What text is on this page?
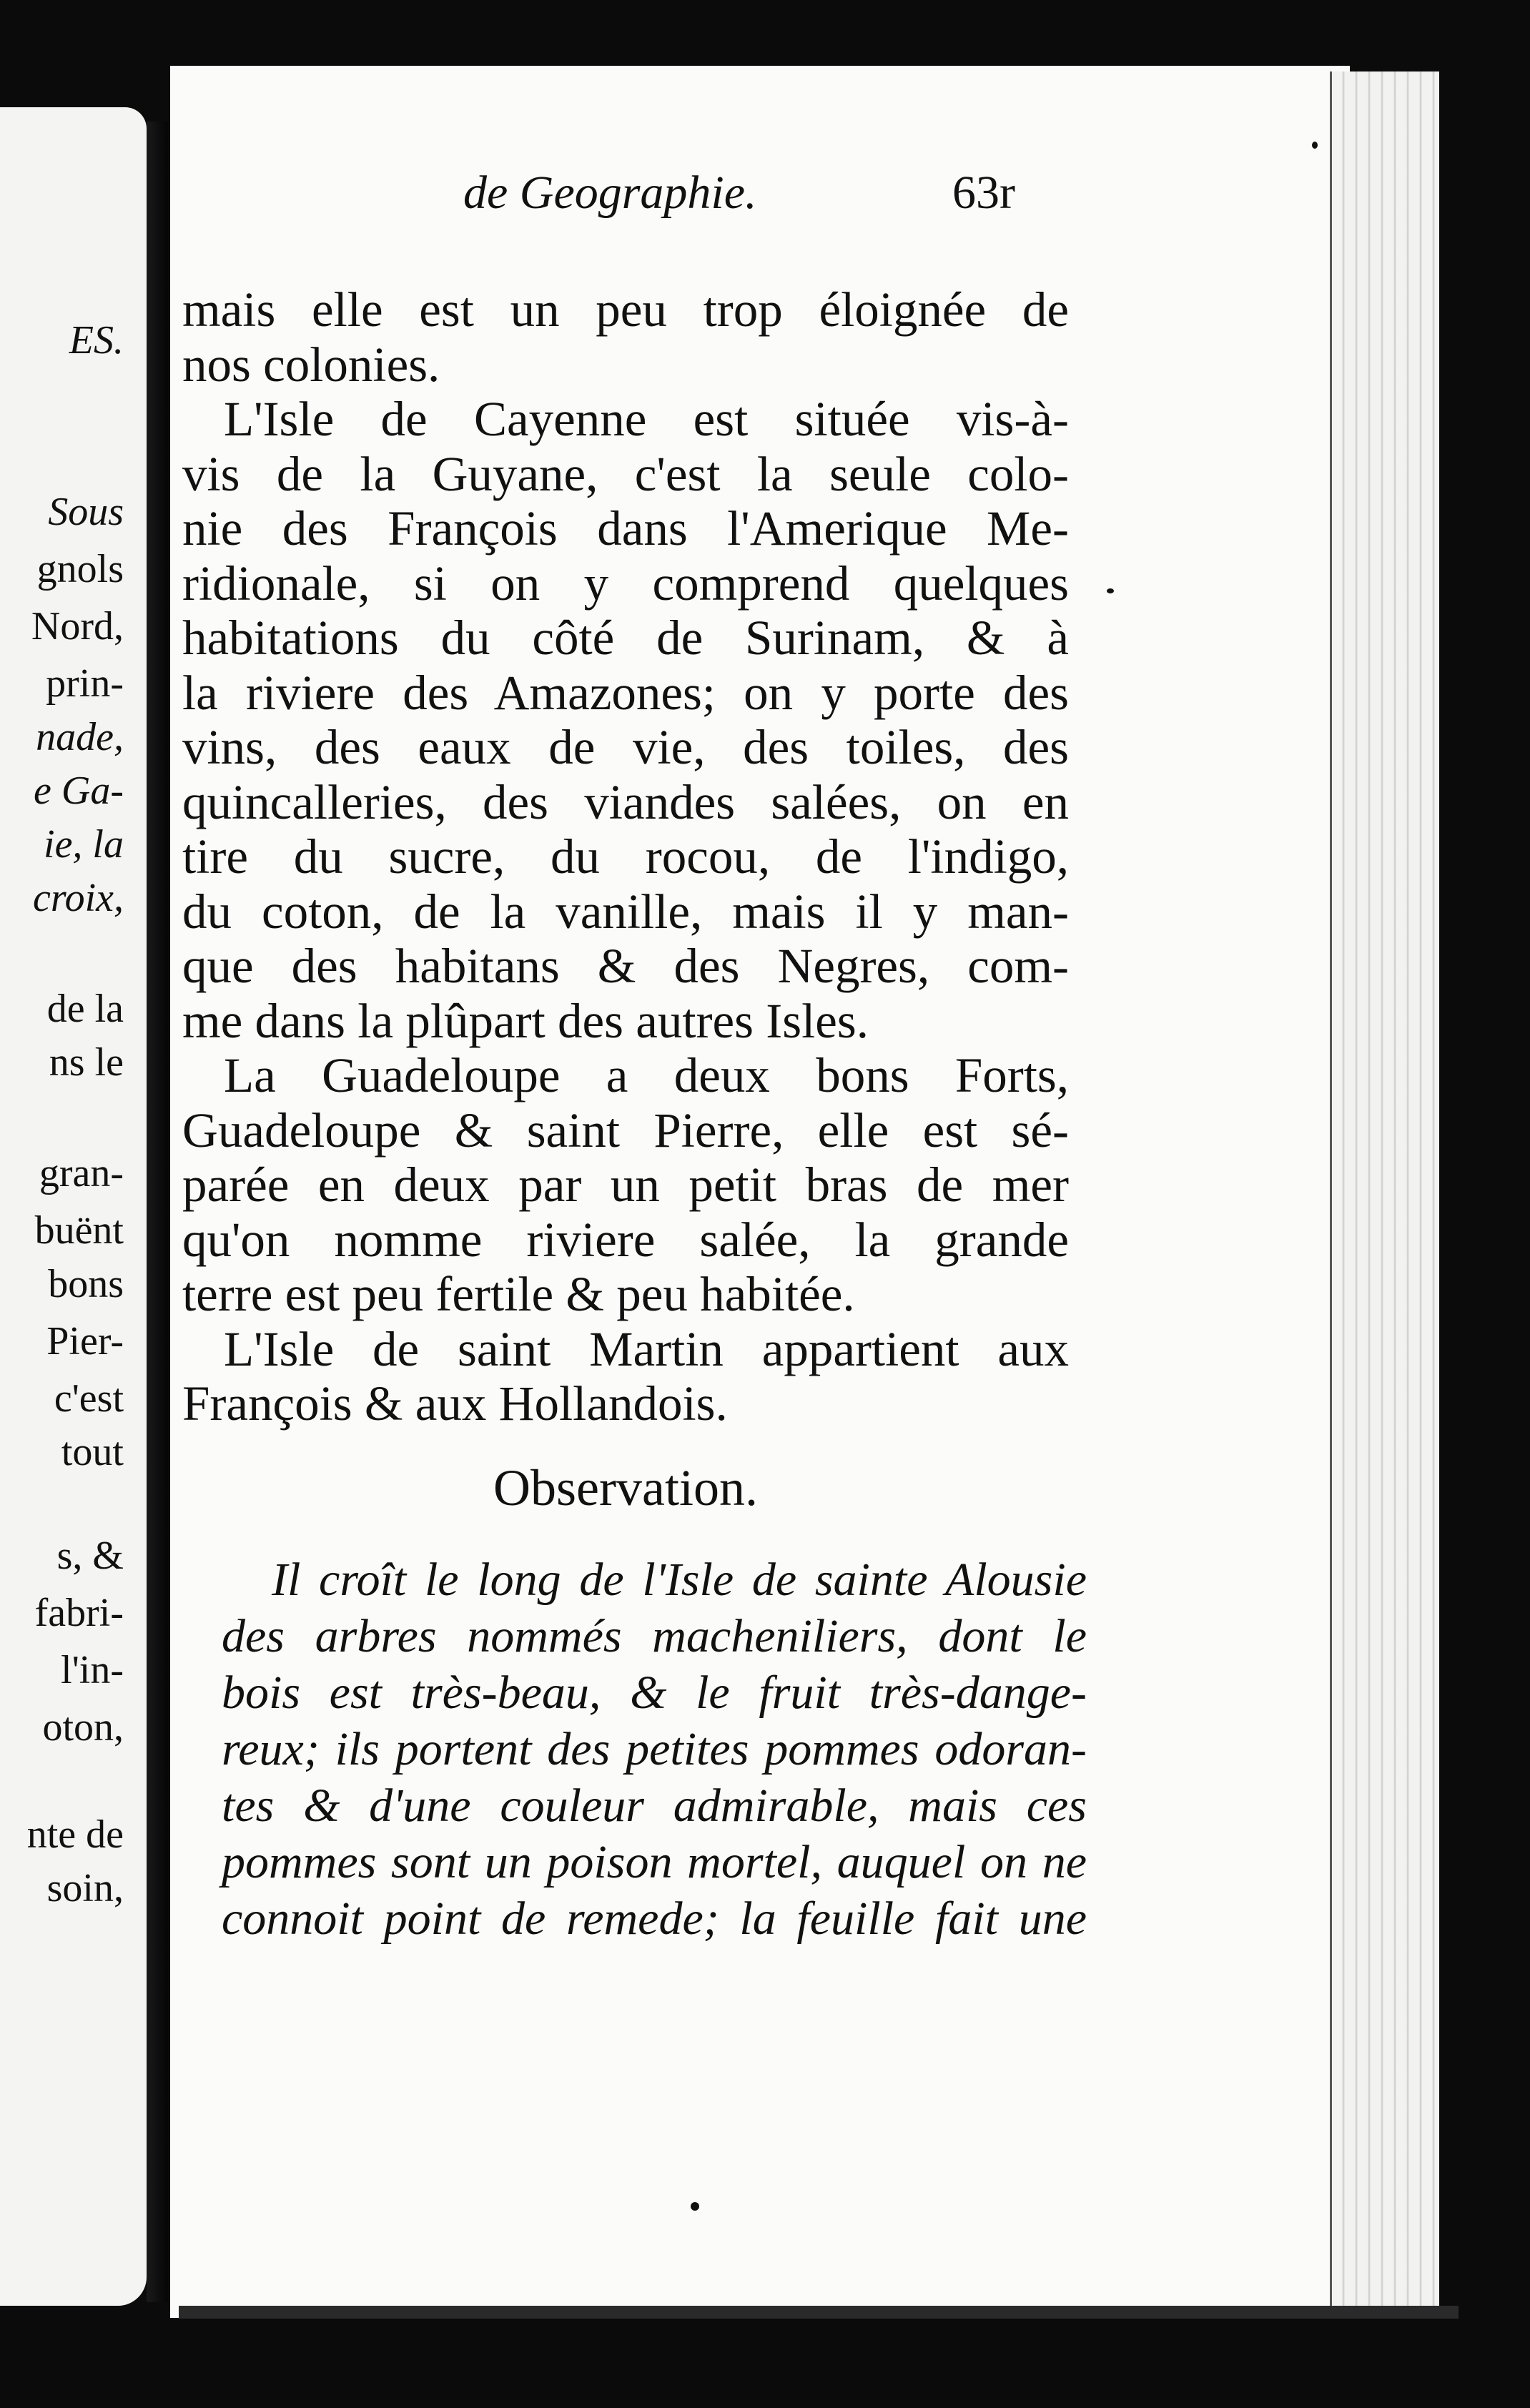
ES.
Sous
gnols
Nord,
prin-
nade,
e Ga-
ie, la
croix,
de la
ns le
gran-
buënt
bons
Pier-
c'est
tout
s, &
fabri-
l'in-
oton,
nte de
soin,
de Geographie.	63r
mais elle est un peu trop éloignée de
nos colonies.
L'Isle de Cayenne est située vis-à-
vis de la Guyane, c'est la seule colo-
nie des François dans l'Amerique Me-
ridionale, si on y comprend quelques
habitations du côté de Surinam, & à
la riviere des Amazones; on y porte des
vins, des eaux de vie, des toiles, des
quincalleries, des viandes salées, on en
tire du sucre, du rocou, de l'indigo,
du coton, de la vanille, mais il y man-
que des habitans & des Negres, com-
me dans la plûpart des autres Isles.
La Guadeloupe a deux bons Forts,
Guadeloupe & saint Pierre, elle est sé-
parée en deux par un petit bras de mer
qu'on nomme riviere salée, la grande
terre est peu fertile & peu habitée.
L'Isle de saint Martin appartient aux
François & aux Hollandois.
Observation.
Il croît le long de l'Isle de sainte Alousie
des arbres nommés macheniliers, dont le
bois est très-beau, & le fruit très-dange-
reux; ils portent des petites pommes odoran-
tes & d'une couleur admirable, mais ces
pommes sont un poison mortel, auquel on ne
connoit point de remede; la feuille fait une
